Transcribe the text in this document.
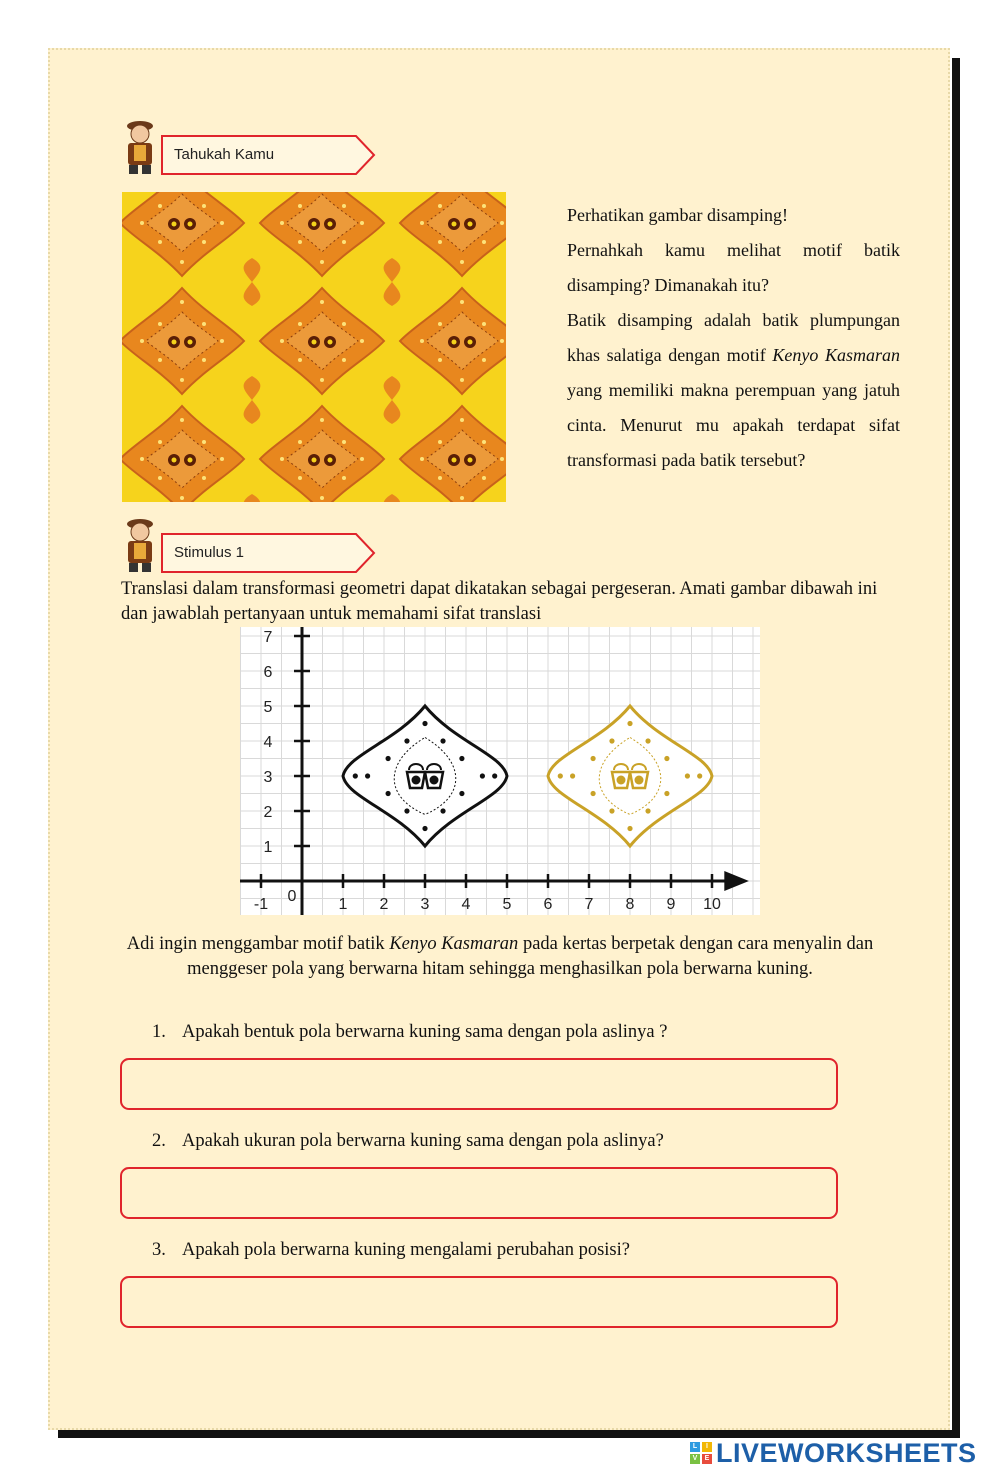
Tahukah Kamu

Perhatikan gambar disamping!

Pernahkah kamu melihat motif batik disamping? Dimanakah itu?

Batik disamping adalah batik plumpungan khas salatiga dengan motif Kenyo Kasmaran yang memiliki makna perempuan yang jatuh cinta. Menurut mu apakah terdapat sifat transformasi pada batik tersebut?

Stimulus 1
Translasi dalam transformasi geometri dapat dikatakan sebagai pergeseran. Amati gambar dibawah ini dan jawablah pertanyaan untuk memahami sifat translasi
-1 0	1 2 3 4 5 6 7 8 9 10
1
2
3
4
5
6
7
Adi ingin menggambar motif batik Kenyo Kasmaran pada kertas berpetak dengan cara menyalin dan menggeser pola yang berwarna hitam sehingga menghasilkan pola berwarna kuning.
1. Apakah bentuk pola berwarna kuning sama dengan pola aslinya ?
2. Apakah ukuran pola berwarna kuning sama dengan pola aslinya?
3. Apakah pola berwarna kuning mengalami perubahan posisi?
L	I
V	E LIVEWORKSHEETS
